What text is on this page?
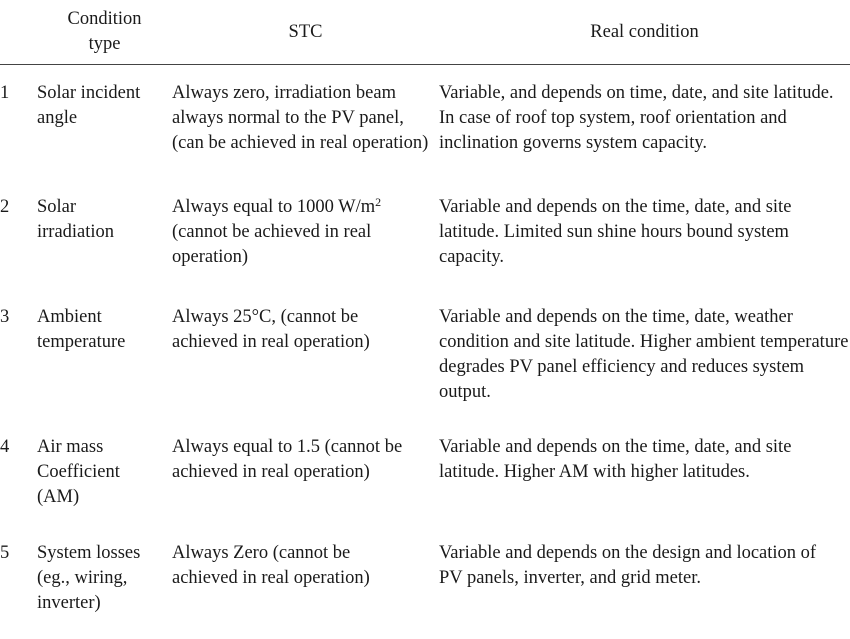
	Condition type	STC	Real condition
1	Solar incident angle	Always zero, irradiation beam always normal to the PV panel, (can be achieved in real operation)	Variable, and depends on time, date, and site latitude. In case of roof top system, roof orientation and inclination governs system capacity.

2	Solar irradiation	Always equal to 1000 $W/m^2$ (cannot be achieved in real operation)	Variable and depends on the time, date, and site latitude. Limited sun shine hours bound system capacity.

3	Ambient temperature	Always 25°C, (cannot be achieved in real operation)	Variable and depends on the time, date, weather condition and site latitude. Higher ambient temperature degrades PV panel efficiency and reduces system output.

4	Air mass Coefficient (AM)	Always equal to 1.5 (cannot be achieved in real operation)	Variable and depends on the time, date, and site latitude. Higher AM with higher latitudes.

5	System losses (eg., wiring, inverter)	Always Zero (cannot be achieved in real operation)	Variable and depends on the design and location of PV panels, inverter, and grid meter.
